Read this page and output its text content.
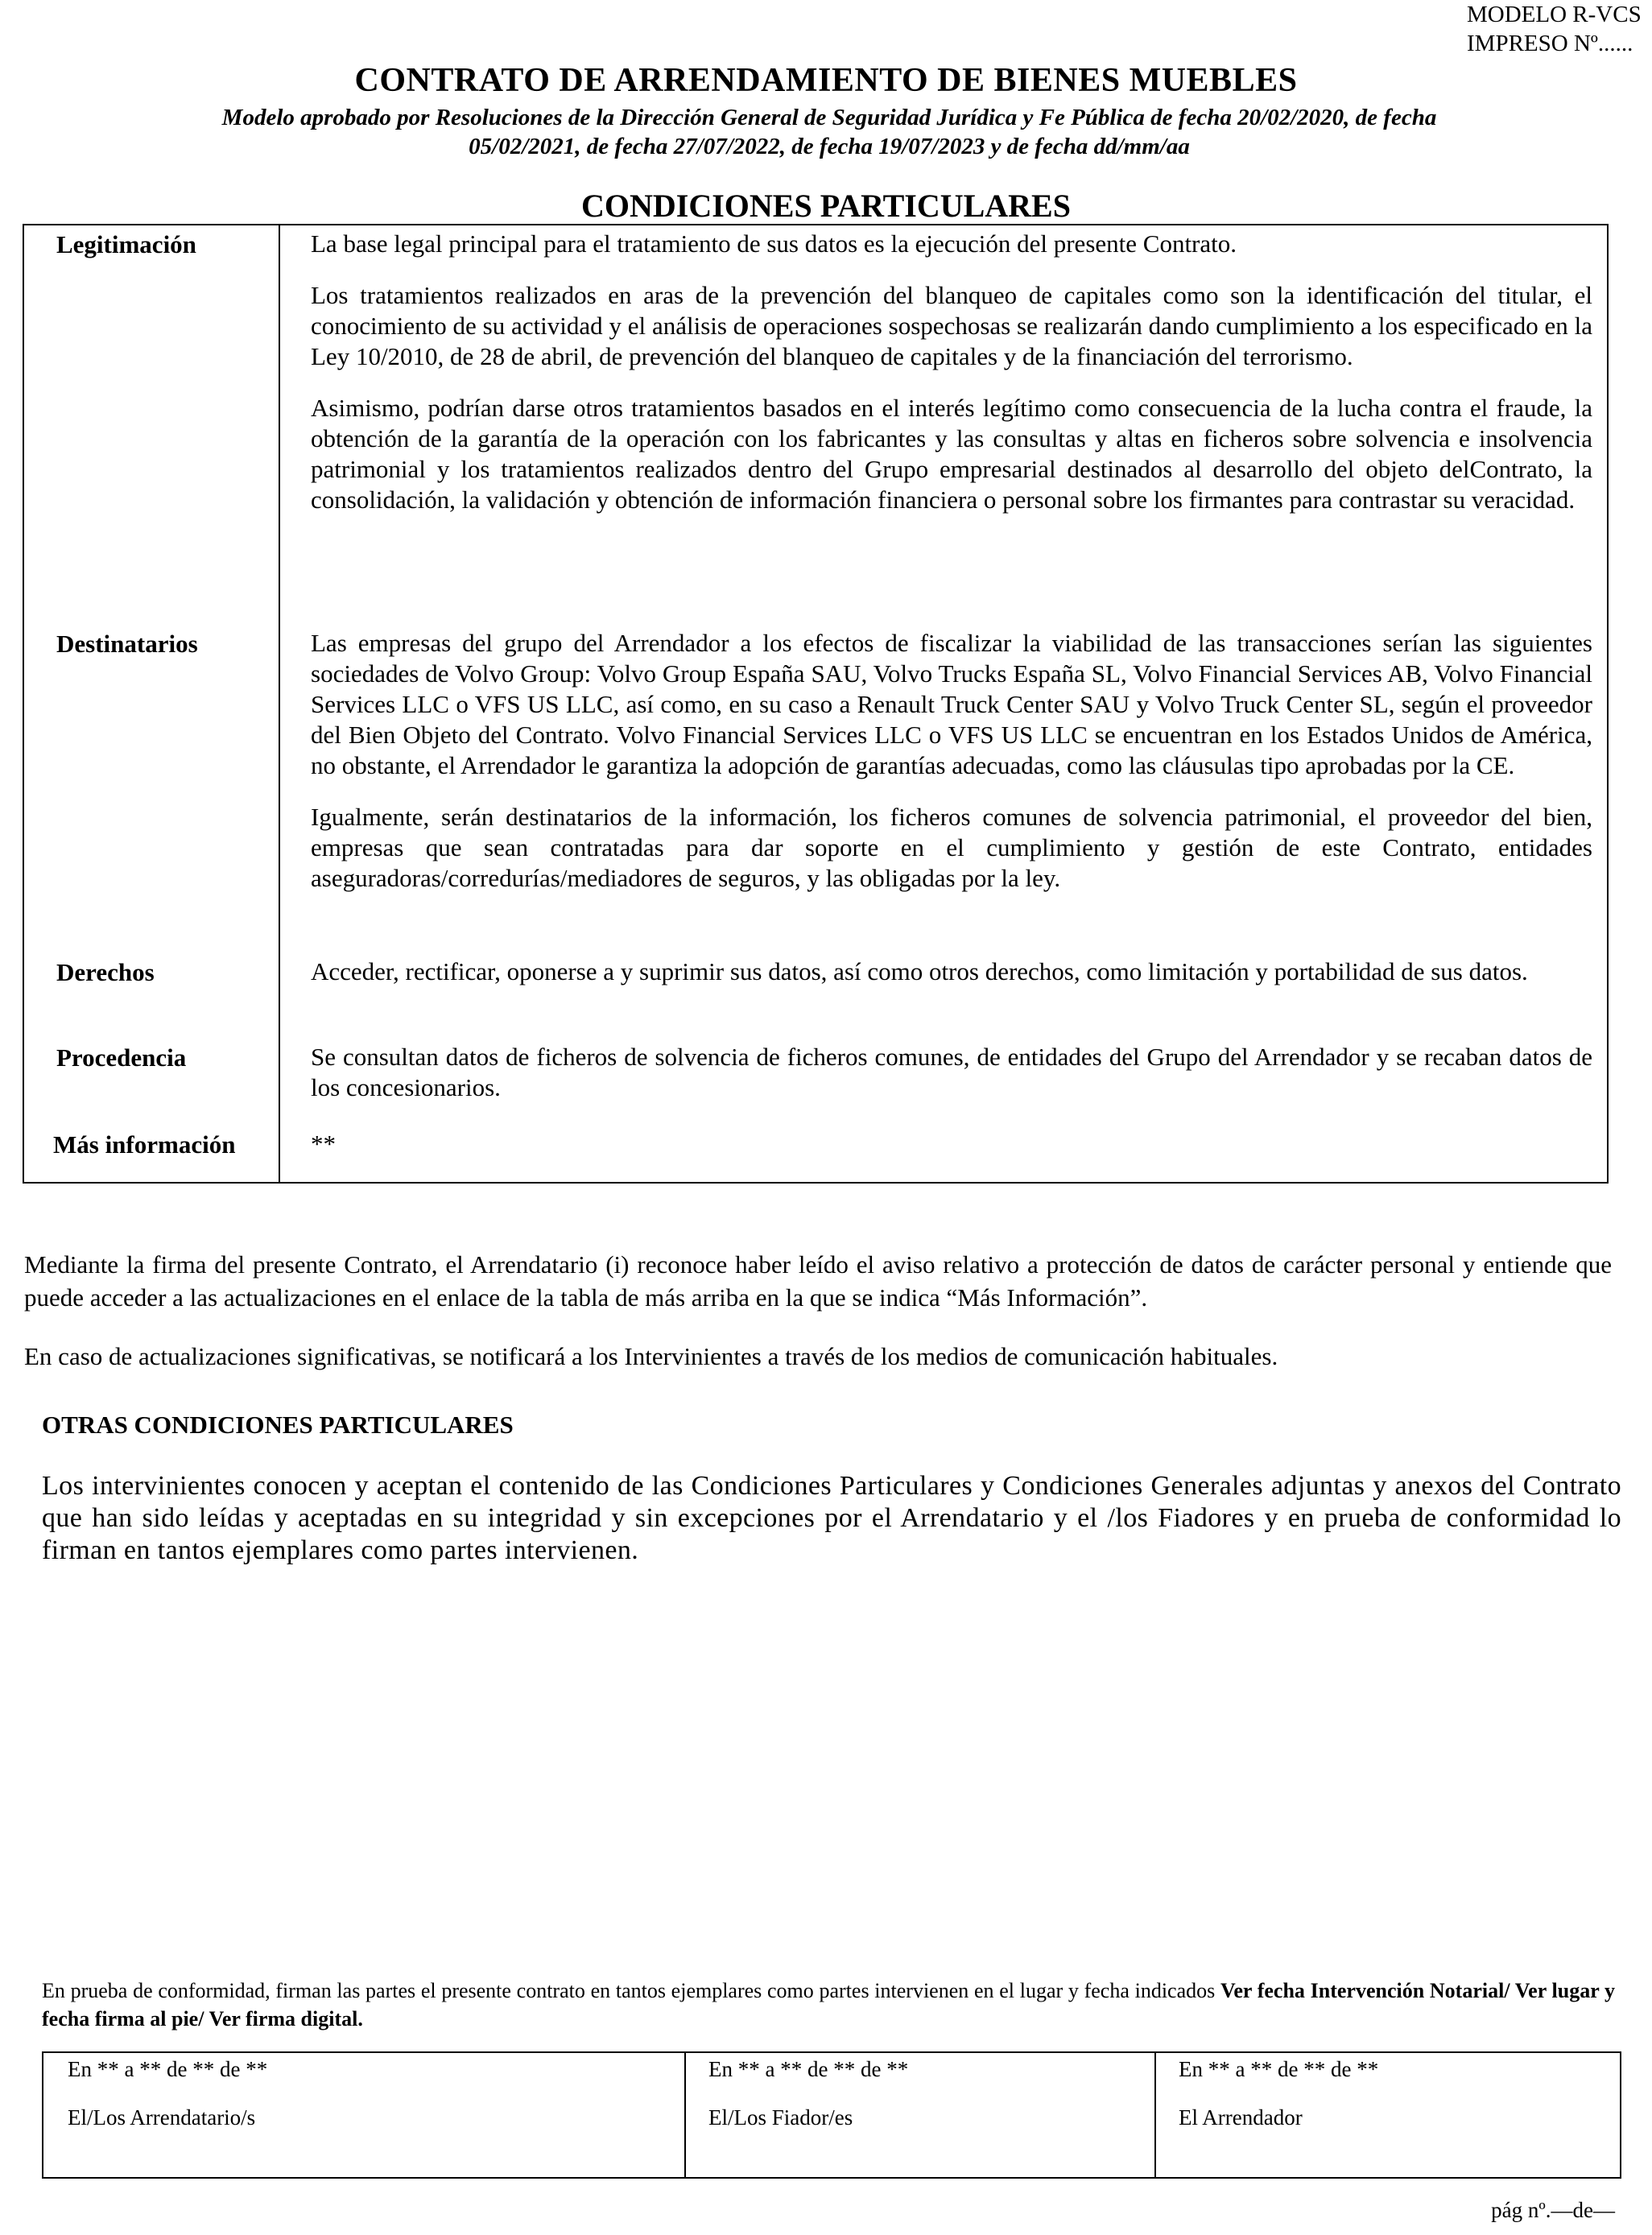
MODELO R-VCS
IMPRESO Nº......
CONTRATO DE ARRENDAMIENTO DE BIENES MUEBLES
Modelo aprobado por Resoluciones de la Dirección General de Seguridad Jurídica y Fe Pública de fecha 20/02/2020, de fecha
05/02/2021, de fecha 27/07/2022, de fecha 19/07/2023 y de fecha dd/mm/aa
CONDICIONES PARTICULARES
Legitimación	La base legal principal para el tratamiento de sus datos es la ejecución del presente Contrato.

Los tratamientos realizados en aras de la prevención del blanqueo de capitales como son la identificación del titular, el conocimiento de su actividad y el análisis de operaciones sospechosas se realizarán dando cumplimiento a los especificado en la Ley 10/2010, de 28 de abril, de prevención del blanqueo de capitales y de la financiación del terrorismo.

Asimismo, podrían darse otros tratamientos basados en el interés legítimo como consecuencia de la lucha contra el fraude, la obtención de la garantía de la operación con los fabricantes y las consultas y altas en ficheros sobre solvencia e insolvencia patrimonial y los tratamientos realizados dentro del Grupo empresarial destinados al desarrollo del objeto delContrato, la consolidación, la validación y obtención de información financiera o personal sobre los firmantes para contrastar su veracidad.

Destinatarios	Las empresas del grupo del Arrendador a los efectos de fiscalizar la viabilidad de las transacciones serían las siguientes sociedades de Volvo Group: Volvo Group España SAU, Volvo Trucks España SL, Volvo Financial Services AB, Volvo Financial Services LLC o VFS US LLC, así como, en su caso a Renault Truck Center SAU y Volvo Truck Center SL, según el proveedor del Bien Objeto del Contrato. Volvo Financial Services LLC o VFS US LLC se encuentran en los Estados Unidos de América, no obstante, el Arrendador le garantiza la adopción de garantías adecuadas, como las cláusulas tipo aprobadas por la CE.

Igualmente, serán destinatarios de la información, los ficheros comunes de solvencia patrimonial, el proveedor del bien, empresas que sean contratadas para dar soporte en el cumplimiento y gestión de este Contrato, entidades aseguradoras/corredurías/mediadores de seguros, y las obligadas por la ley.

Derechos	Acceder, rectificar, oponerse a y suprimir sus datos, así como otros derechos, como limitación y portabilidad de sus datos.

Procedencia	Se consultan datos de ficheros de solvencia de ficheros comunes, de entidades del Grupo del Arrendador y se recaban datos de los concesionarios.

Más información	**

Mediante la firma del presente Contrato, el Arrendatario (i) reconoce haber leído el aviso relativo a protección de datos de carácter personal y entiende que puede acceder a las actualizaciones en el enlace de la tabla de más arriba en la que se indica “Más Información”.
En caso de actualizaciones significativas, se notificará a los Intervinientes a través de los medios de comunicación habituales.
OTRAS CONDICIONES PARTICULARES
Los intervinientes conocen y aceptan el contenido de las Condiciones Particulares y Condiciones Generales adjuntas y anexos del Contrato que han sido leídas y aceptadas en su integridad y sin excepciones por el Arrendatario y el /los Fiadores y en prueba de conformidad lo firman en tantos ejemplares como partes intervienen.
En prueba de conformidad, firman las partes el presente contrato en tantos ejemplares como partes intervienen en el lugar y fecha indicados Ver fecha Intervención Notarial/ Ver lugar y fecha firma al pie/ Ver firma digital.
En ** a ** de ** de **
El/Los Arrendatario/s
En ** a ** de ** de **
El/Los Fiador/es
En ** a ** de ** de **
El Arrendador
pág nº.—de—
